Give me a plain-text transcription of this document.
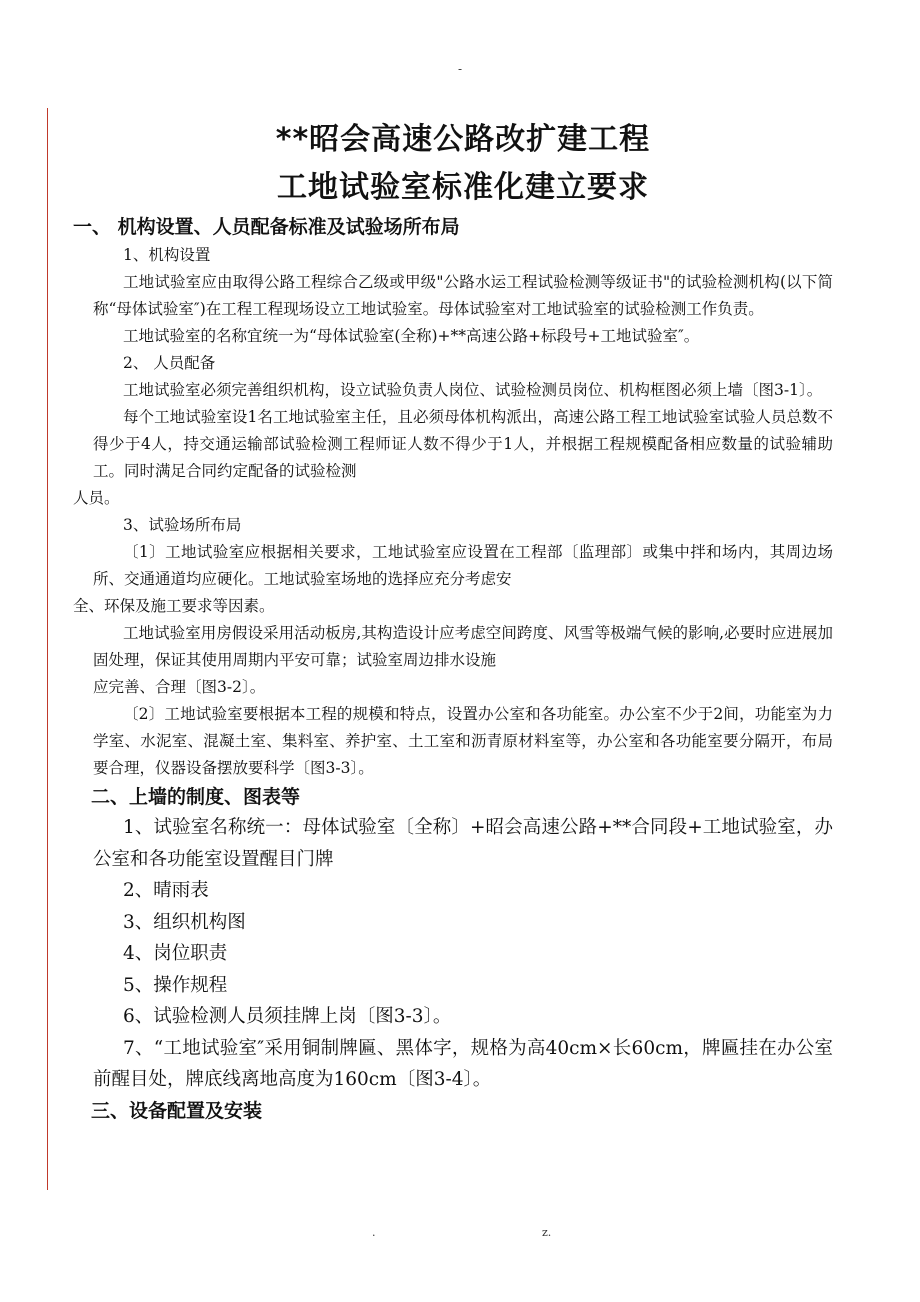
-
**昭会高速公路改扩建工程
工地试验室标准化建立要求
一、 机构设置、人员配备标准及试验场所布局

1、机构设置

工地试验室应由取得公路工程综合乙级或甲级"公路水运工程试验检测等级证书"的试验检测机构(以下简称“母体试验室″)在工程工程现场设立工地试验室。母体试验室对工地试验室的试验检测工作负责。

工地试验室的名称宜统一为“母体试验室(全称)+**高速公路+标段号+工地试验室″。

2、 人员配备

工地试验室必须完善组织机构，设立试验负责人岗位、试验检测员岗位、机构框图必须上墙〔图3-1〕。

每个工地试验室设1名工地试验室主任，且必须母体机构派出，高速公路工程工地试验室试验人员总数不得少于4人，持交通运输部试验检测工程师证人数不得少于1人，并根据工程规模配备相应数量的试验辅助工。同时满足合同约定配备的试验检测

人员。

3、试验场所布局

〔1〕工地试验室应根据相关要求，工地试验室应设置在工程部〔监理部〕或集中拌和场内，其周边场所、交通通道均应硬化。工地试验室场地的选择应充分考虑安

全、环保及施工要求等因素。

工地试验室用房假设采用活动板房,其构造设计应考虑空间跨度、风雪等极端气候的影响,必要时应进展加固处理，保证其使用周期内平安可靠；试验室周边排水设施

应完善、合理〔图3-2〕。

〔2〕工地试验室要根据本工程的规模和特点，设置办公室和各功能室。办公室不少于2间，功能室为力学室、水泥室、混凝土室、集料室、养护室、土工室和沥青原材料室等，办公室和各功能室要分隔开，布局要合理，仪器设备摆放要科学〔图3-3〕。

二、上墙的制度、图表等

1、试验室名称统一：母体试验室〔全称〕+昭会高速公路+**合同段+工地试验室，办公室和各功能室设置醒目门牌

2、晴雨表

3、组织机构图

4、岗位职责

5、操作规程

6、试验检测人员须挂牌上岗〔图3-3〕。

7、“工地试验室″采用铜制牌匾、黑体字，规格为高40cm×长60cm，牌匾挂在办公室前醒目处，牌底线离地高度为160cm〔图3-4〕。

三、设备配置及安装
.	z.
